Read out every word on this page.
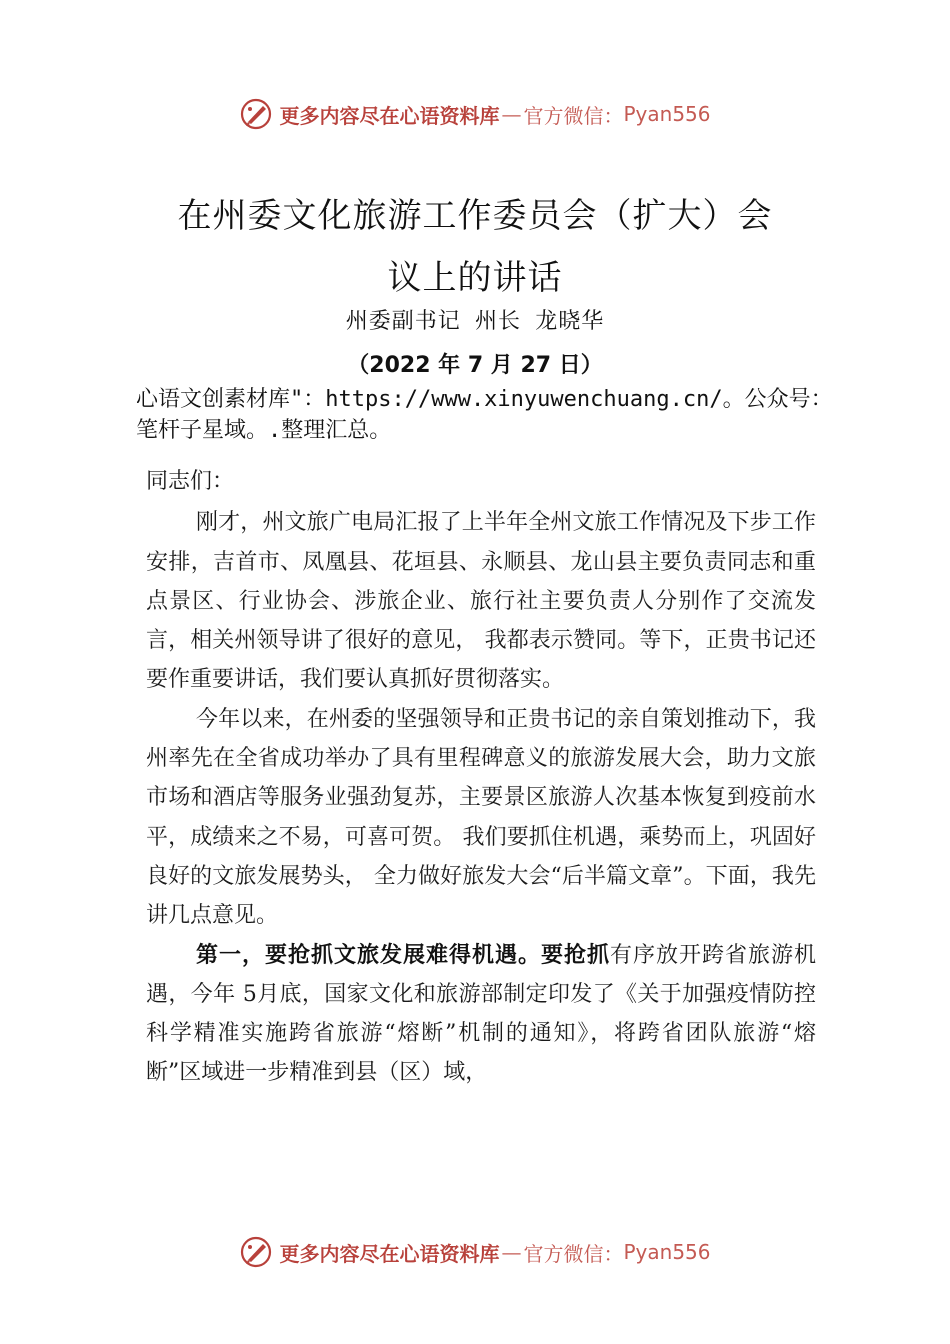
更多内容尽在心语资料库 — 官方微信： Pyan556
在州委文化旅游工作委员会（扩大）会
议上的讲话
州委副书记 州长 龙晓华
（2022 年 7 月 27 日）
心语文创素材库"：https://www.xinyuwenchuang.cn/。公众号：
笔杆子星域。.整理汇总。

同志们：

刚才，州文旅广电局汇报了上半年全州文旅工作情况及下步工作安排，吉首市、凤凰县、花垣县、永顺县、龙山县主要负责同志和重点景区、行业协会、涉旅企业、旅行社主要负责人分别作了交流发言，相关州领导讲了很好的意见， 我都表示赞同。等下，正贵书记还要作重要讲话，我们要认真抓好贯彻落实。

今年以来，在州委的坚强领导和正贵书记的亲自策划推动下，我州率先在全省成功举办了具有里程碑意义的旅游发展大会，助力文旅市场和酒店等服务业强劲复苏，主要景区旅游人次基本恢复到疫前水平，成绩来之不易，可喜可贺。 我们要抓住机遇，乘势而上，巩固好良好的文旅发展势头， 全力做好旅发大会“后半篇文章”。下面，我先讲几点意见。

第一，要抢抓文旅发展难得机遇。要抢抓有序放开跨省旅游机遇，今年 5月底，国家文化和旅游部制定印发了《关于加强疫情防控 科学精准实施跨省旅游“熔断”机制的通知》，将跨省团队旅游“熔断”区域进一步精准到县（区）域，

更多内容尽在心语资料库 — 官方微信： Pyan556
